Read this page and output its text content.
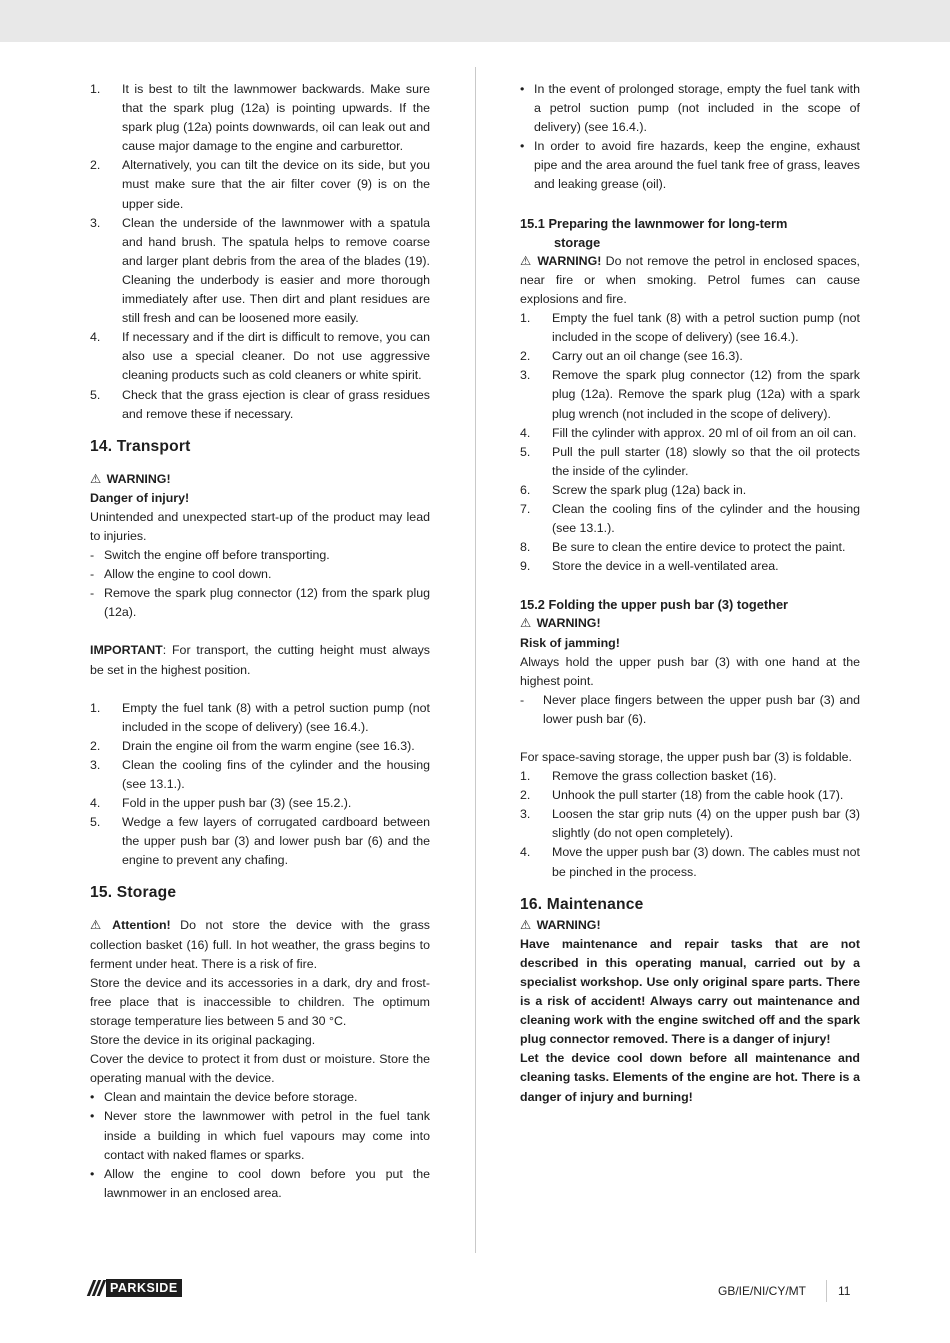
1. It is best to tilt the lawnmower backwards. Make sure that the spark plug (12a) is pointing upwards. If the spark plug (12a) points downwards, oil can leak out and cause major damage to the engine and carburettor.
2. Alternatively, you can tilt the device on its side, but you must make sure that the air filter cover (9) is on the upper side.
3. Clean the underside of the lawnmower with a spatula and hand brush. The spatula helps to remove coarse and larger plant debris from the area of the blades (19). Cleaning the underbody is easier and more thorough immediately after use. Then dirt and plant residues are still fresh and can be loosened more easily.
4. If necessary and if the dirt is difficult to remove, you can also use a special cleaner. Do not use aggressive cleaning products such as cold cleaners or white spirit.
5. Check that the grass ejection is clear of grass residues and remove these if necessary.
14. Transport
⚠ WARNING!
Danger of injury!

Unintended and unexpected start-up of the product may lead to injuries.

- Switch the engine off before transporting.
- Allow the engine to cool down.
- Remove the spark plug connector (12) from the spark plug (12a).

IMPORTANT: For transport, the cutting height must always be set in the highest position.

1. Empty the fuel tank (8) with a petrol suction pump (not included in the scope of delivery) (see 16.4.).
2. Drain the engine oil from the warm engine (see 16.3).
3. Clean the cooling fins of the cylinder and the housing (see 13.1.).
4. Fold in the upper push bar (3) (see 15.2.).
5. Wedge a few layers of corrugated cardboard between the upper push bar (3) and lower push bar (6) and the engine to prevent any chafing.
15. Storage

⚠ Attention! Do not store the device with the grass collection basket (16) full. In hot weather, the grass begins to ferment under heat. There is a risk of fire.

Store the device and its accessories in a dark, dry and frost-free place that is inaccessible to children. The optimum storage temperature lies between 5 and 30 °C.

Store the device in its original packaging.

Cover the device to protect it from dust or moisture. Store the operating manual with the device.

• Clean and maintain the device before storage.
• Never store the lawnmower with petrol in the fuel tank inside a building in which fuel vapours may come into contact with naked flames or sparks.
• Allow the engine to cool down before you put the lawnmower in an enclosed area.
• In the event of prolonged storage, empty the fuel tank with a petrol suction pump (not included in the scope of delivery) (see 16.4.).
• In order to avoid fire hazards, keep the engine, exhaust pipe and the area around the fuel tank free of grass, leaves and leaking grease (oil).
15.1 Preparing the lawnmower for long-term
storage

⚠ WARNING! Do not remove the petrol in enclosed spaces, near fire or when smoking. Petrol fumes can cause explosions and fire.

1. Empty the fuel tank (8) with a petrol suction pump (not included in the scope of delivery) (see 16.4.).
2. Carry out an oil change (see 16.3).
3. Remove the spark plug connector (12) from the spark plug (12a). Remove the spark plug (12a) with a spark plug wrench (not included in the scope of delivery).
4. Fill the cylinder with approx. 20 ml of oil from an oil can.
5. Pull the pull starter (18) slowly so that the oil protects the inside of the cylinder.
6. Screw the spark plug (12a) back in.
7. Clean the cooling fins of the cylinder and the housing (see 13.1.).
8. Be sure to clean the entire device to protect the paint.
9. Store the device in a well-ventilated area.
15.2 Folding the upper push bar (3) together
⚠ WARNING!
Risk of jamming!

Always hold the upper push bar (3) with one hand at the highest point.

- Never place fingers between the upper push bar (3) and lower push bar (6).

For space-saving storage, the upper push bar (3) is foldable.

1. Remove the grass collection basket (16).
2. Unhook the pull starter (18) from the cable hook (17).
3. Loosen the star grip nuts (4) on the upper push bar (3) slightly (do not open completely).
4. Move the upper push bar (3) down. The cables must not be pinched in the process.
16. Maintenance
⚠ WARNING!

Have maintenance and repair tasks that are not described in this operating manual, carried out by a specialist workshop. Use only original spare parts. There is a risk of accident! Always carry out maintenance and cleaning work with the engine switched off and the spark plug connector removed. There is a danger of injury!

Let the device cool down before all maintenance and cleaning tasks. Elements of the engine are hot. There is a danger of injury and burning!

PARKSIDE	GB/IE/NI/CY/MT	11
